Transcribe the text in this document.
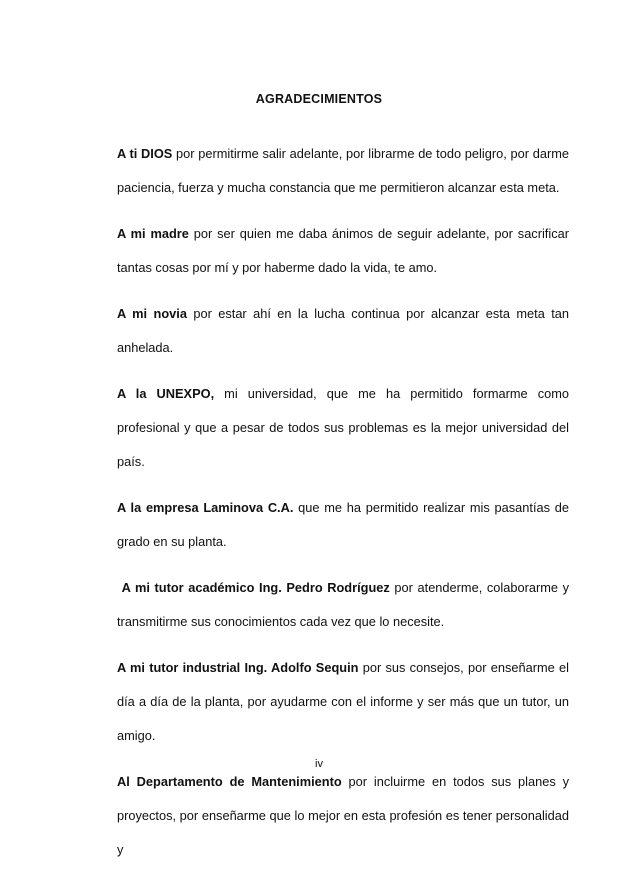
AGRADECIMIENTOS

A ti DIOS por permitirme salir adelante, por librarme de todo peligro, por darme paciencia, fuerza y mucha constancia que me permitieron alcanzar esta meta.

A mi madre por ser quien me daba ánimos de seguir adelante, por sacrificar tantas cosas por mí y por haberme dado la vida, te amo.

A mi novia por estar ahí en la lucha continua por alcanzar esta meta tan anhelada.

A la UNEXPO, mi universidad, que me ha permitido formarme como profesional y que a pesar de todos sus problemas es la mejor universidad del país.

A la empresa Laminova C.A. que me ha permitido realizar mis pasantías de grado en su planta.

A mi tutor académico Ing. Pedro Rodríguez por atenderme, colaborarme y transmitirme sus conocimientos cada vez que lo necesite.

A mi tutor industrial Ing. Adolfo Sequin por sus consejos, por enseñarme el día a día de la planta, por ayudarme con el informe y ser más que un tutor, un amigo.

Al Departamento de Mantenimiento por incluirme en todos sus planes y proyectos, por enseñarme que lo mejor en esta profesión es tener personalidad y

iv
